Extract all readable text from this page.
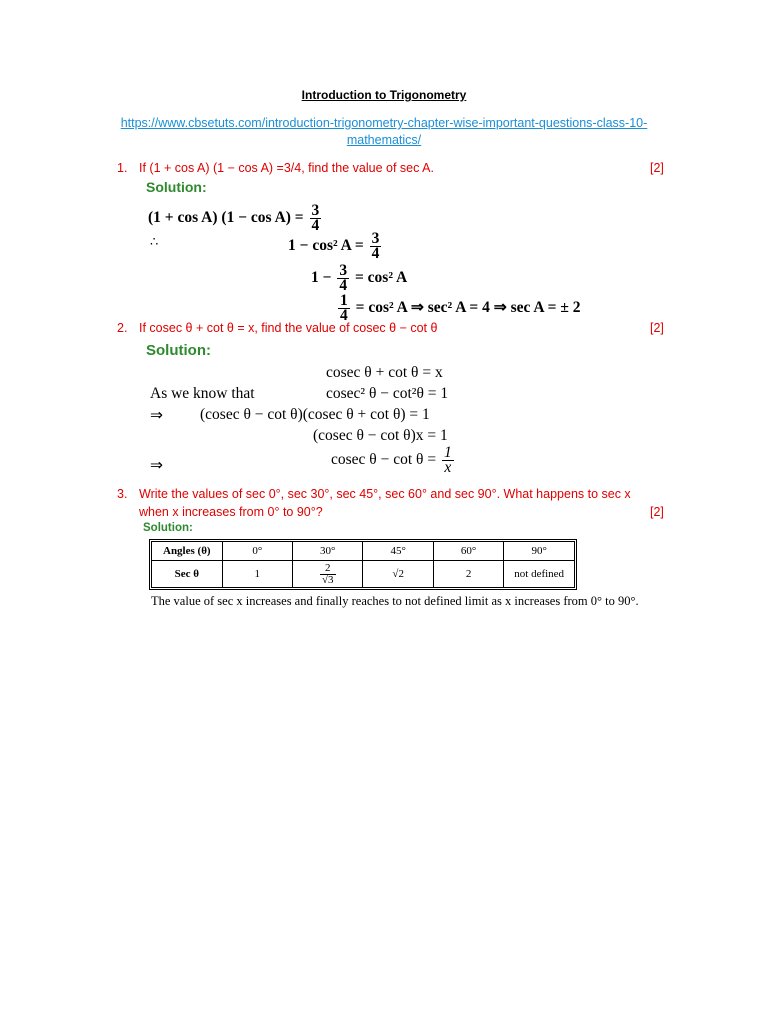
Introduction to Trigonometry
https://www.cbsetuts.com/introduction-trigonometry-chapter-wise-important-questions-class-10-
mathematics/
1. If (1 + cos A) (1 − cos A) =3/4, find the value of sec A.	[2]
Solution:
(1 + cos A) $(1 - \cos A) = \frac{3}{4}$
∴	1 − cos² $A = \frac{3}{4}$
$1 - \frac{3}{4} = \cos^2$ A
$\frac{1}{4} = \cos^2$ A ⇒ sec² A = 4 ⇒ sec A = ± 2
2. If cosec θ + cot θ = x, find the value of cosec θ − cot θ	[2]
Solution:
cosec θ + cot θ = x
As we know that	cosec² θ − cot²θ = 1
⇒ (cosec θ − cot θ)(cosec θ + cot θ) = 1
(cosec θ − cot θ)x = 1
⇒	cosec $\theta - \cot \theta = \frac{1}{x}$
3. Write the values of sec 0°, sec 30°, sec 45°, sec 60° and sec 90°. What happens to sec x
when x increases from 0° to 90°?	[2]
Solution:
Angles (θ)	0°	30°	45°	60°	90°
Sec θ	1	$\frac{2}{√3}$	√2	2	not defined
The value of sec x increases and finally reaches to not defined limit as x increases from 0° to 90°.
